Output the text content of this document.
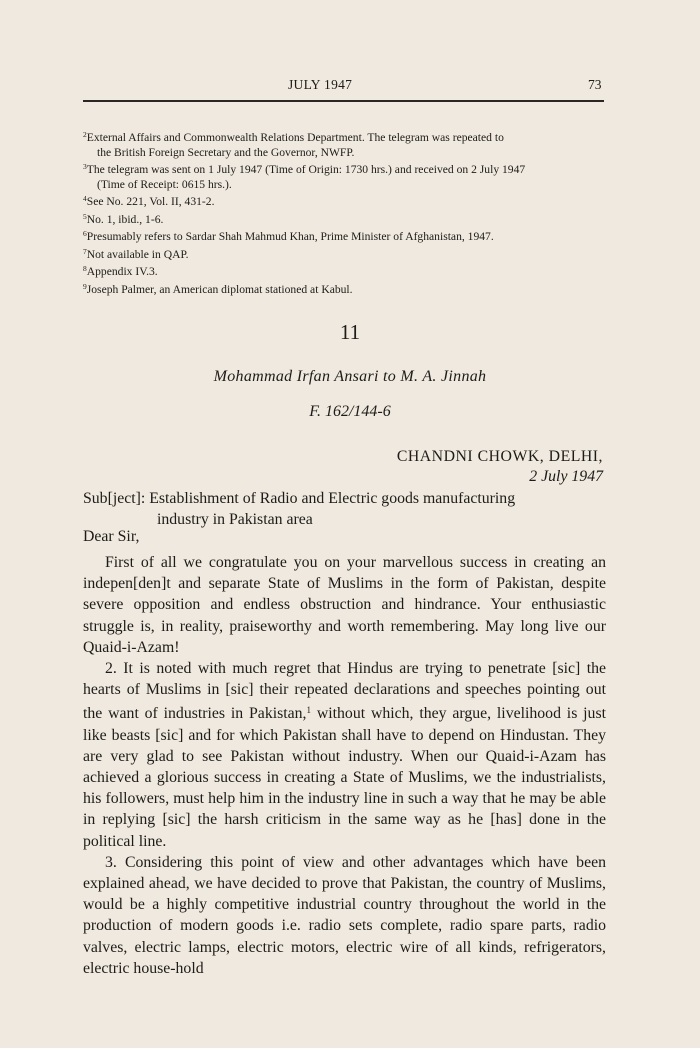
JULY 1947	73

$^2$External Affairs and Commonwealth Relations Department. The telegram was repeated to

the British Foreign Secretary and the Governor, NWFP.

$^3$The telegram was sent on 1 July 1947 (Time of Origin: 1730 hrs.) and received on 2 July 1947

(Time of Receipt: 0615 hrs.).

$^4$See No. 221, Vol. II, 431-2.

$^5$No. 1, ibid., 1-6.

$^6$Presumably refers to Sardar Shah Mahmud Khan, Prime Minister of Afghanistan, 1947.

$^7$Not available in QAP.

$^8$Appendix IV.3.

$^9$Joseph Palmer, an American diplomat stationed at Kabul.

11
Mohammad Irfan Ansari to M. A. Jinnah
F. 162/144-6
CHANDNI CHOWK, DELHI,
2 July 1947
Sub[ject]: Establishment of Radio and Electric goods manufacturing
industry in Pakistan area
Dear Sir,

First of all we congratulate you on your marvellous success in creating an indepen[den]t and separate State of Muslims in the form of Pakistan, despite severe opposition and endless obstruction and hindrance. Your enthusiastic struggle is, in reality, praiseworthy and worth remembering. May long live our Quaid-i-Azam!

2. It is noted with much regret that Hindus are trying to penetrate [sic] the hearts of Muslims in [sic] their repeated declarations and speeches pointing out the want of industries in Pakistan,$^1$ without which, they argue, livelihood is just like beasts [sic] and for which Pakistan shall have to depend on Hindustan. They are very glad to see Pakistan without industry. When our Quaid-i-Azam has achieved a glorious success in creating a State of Muslims, we the industrialists, his followers, must help him in the industry line in such a way that he may be able in replying [sic] the harsh criticism in the same way as he [has] done in the political line.

3. Considering this point of view and other advantages which have been explained ahead, we have decided to prove that Pakistan, the country of Muslims, would be a highly competitive industrial country throughout the world in the production of modern goods i.e. radio sets complete, radio spare parts, radio valves, electric lamps, electric motors, electric wire of all kinds, refrigerators, electric house-hold
